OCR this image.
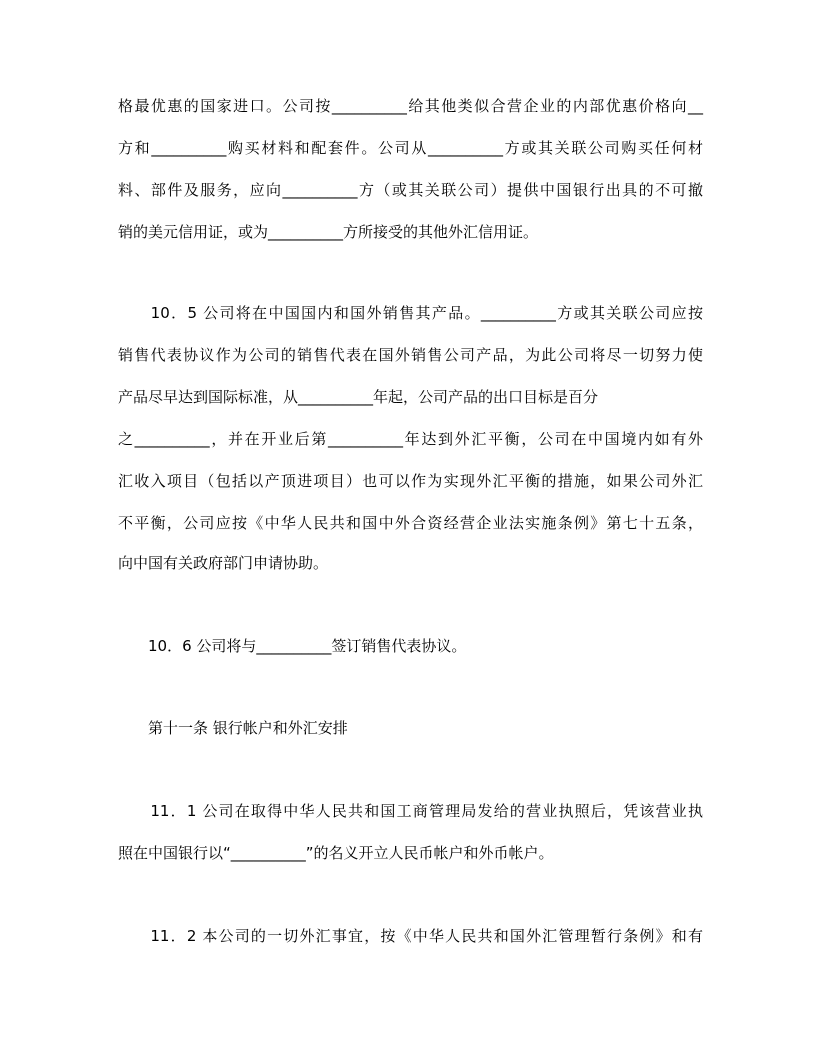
格最优惠的国家进口。公司按__________给其他类似合营企业的内部优惠价格向__
方和__________购买材料和配套件。公司从__________方或其关联公司购买任何材
料、部件及服务，应向__________方（或其关联公司）提供中国银行出具的不可撤
销的美元信用证，或为__________方所接受的其他外汇信用证。
　　10．5 公司将在中国国内和国外销售其产品。__________方或其关联公司应按
销售代表协议作为公司的销售代表在国外销售公司产品，为此公司将尽一切努力使
产品尽早达到国际标准，从__________年起，公司产品的出口目标是百分
之__________，并在开业后第__________年达到外汇平衡，公司在中国境内如有外
汇收入项目（包括以产顶进项目）也可以作为实现外汇平衡的措施，如果公司外汇
不平衡，公司应按《中华人民共和国中外合资经营企业法实施条例》第七十五条，
向中国有关政府部门申请协助。
　　10．6 公司将与__________签订销售代表协议。
　　第十一条 银行帐户和外汇安排
　　11．1 公司在取得中华人民共和国工商管理局发给的营业执照后，凭该营业执
照在中国银行以“__________”的名义开立人民币帐户和外币帐户。
　　11．2 本公司的一切外汇事宜，按《中华人民共和国外汇管理暂行条例》和有
